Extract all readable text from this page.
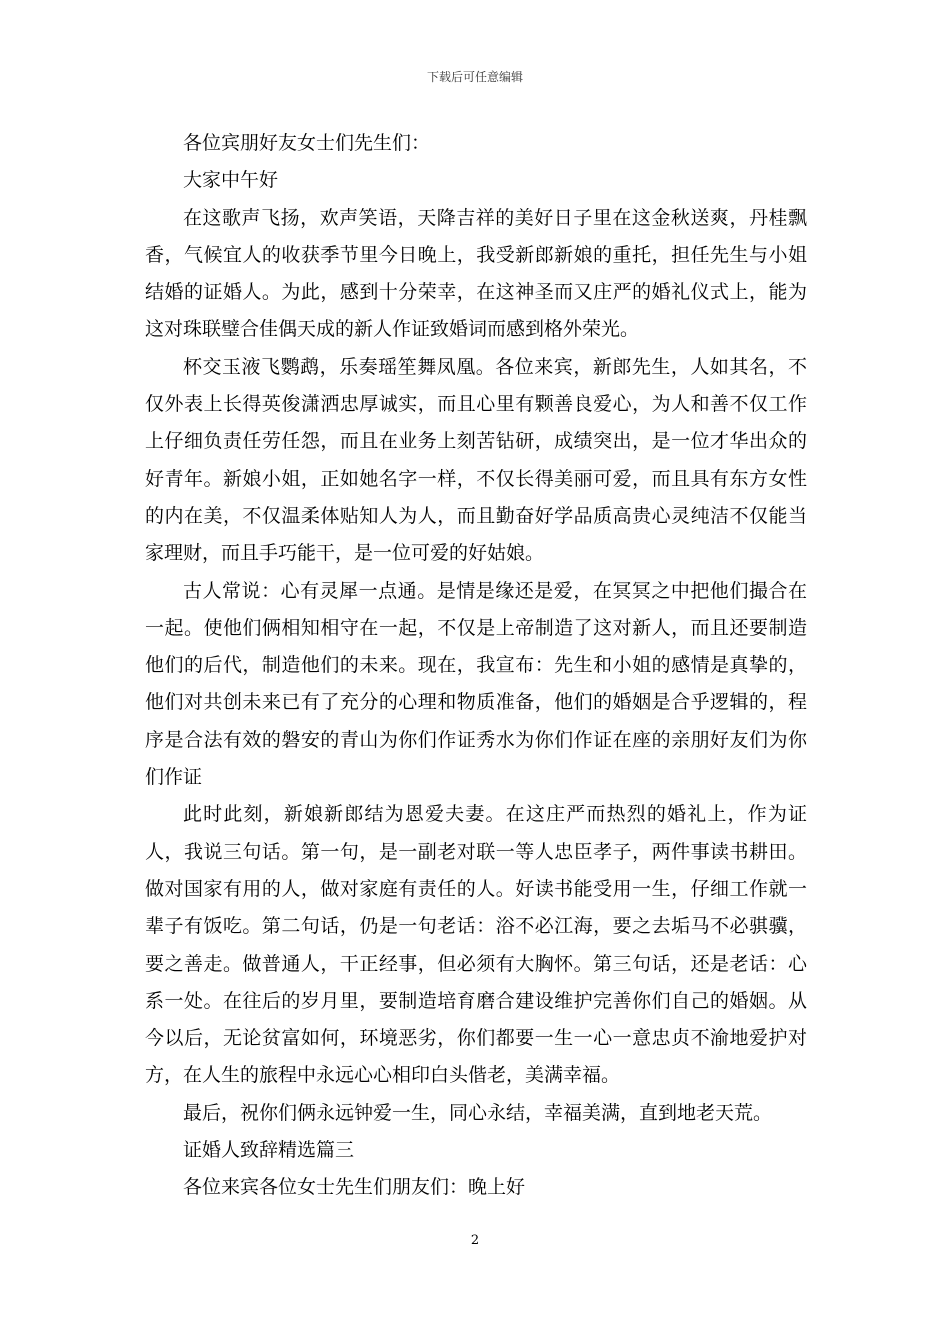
下载后可任意编辑

各位宾朋好友女士们先生们：

大家中午好

在这歌声飞扬，欢声笑语，天降吉祥的美好日子里在这金秋送爽，丹桂飘香，气候宜人的收获季节里今日晚上，我受新郎新娘的重托，担任先生与小姐结婚的证婚人。为此，感到十分荣幸，在这神圣而又庄严的婚礼仪式上，能为这对珠联璧合佳偶天成的新人作证致婚词而感到格外荣光。

杯交玉液飞鹦鹉，乐奏瑶笙舞凤凰。各位来宾，新郎先生，人如其名，不仅外表上长得英俊潇洒忠厚诚实，而且心里有颗善良爱心，为人和善不仅工作上仔细负责任劳任怨，而且在业务上刻苦钻研，成绩突出，是一位才华出众的好青年。新娘小姐，正如她名字一样，不仅长得美丽可爱，而且具有东方女性的内在美，不仅温柔体贴知人为人，而且勤奋好学品质高贵心灵纯洁不仅能当家理财，而且手巧能干，是一位可爱的好姑娘。

古人常说：心有灵犀一点通。是情是缘还是爱，在冥冥之中把他们撮合在一起。使他们俩相知相守在一起，不仅是上帝制造了这对新人，而且还要制造他们的后代，制造他们的未来。现在，我宣布：先生和小姐的感情是真挚的，他们对共创未来已有了充分的心理和物质准备，他们的婚姻是合乎逻辑的，程序是合法有效的磐安的青山为你们作证秀水为你们作证在座的亲朋好友们为你们作证

此时此刻，新娘新郎结为恩爱夫妻。在这庄严而热烈的婚礼上，作为证人，我说三句话。第一句，是一副老对联一等人忠臣孝子，两件事读书耕田。做对国家有用的人，做对家庭有责任的人。好读书能受用一生，仔细工作就一辈子有饭吃。第二句话，仍是一句老话：浴不必江海，要之去垢马不必骐骥，要之善走。做普通人，干正经事，但必须有大胸怀。第三句话，还是老话：心系一处。在往后的岁月里，要制造培育磨合建设维护完善你们自己的婚姻。从今以后，无论贫富如何，环境恶劣，你们都要一生一心一意忠贞不渝地爱护对方，在人生的旅程中永远心心相印白头偕老，美满幸福。

最后，祝你们俩永远钟爱一生，同心永结，幸福美满，直到地老天荒。

证婚人致辞精选篇三

各位来宾各位女士先生们朋友们：晚上好

2
